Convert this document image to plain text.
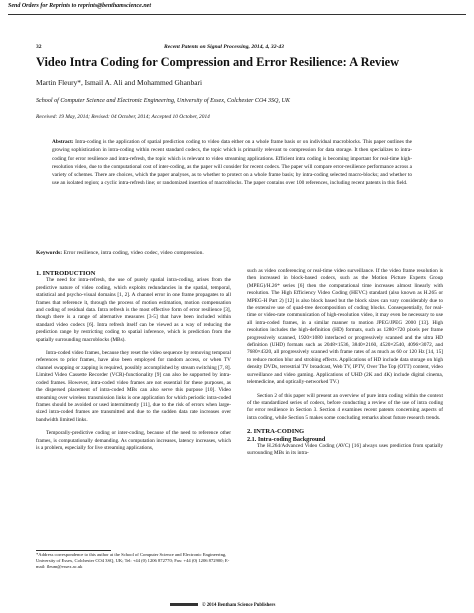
Send Orders for Reprints to reprints@benthamscience.net
32	Recent Patents on Signal Processing, 2014, 4, 32-43
Video Intra Coding for Compression and Error Resilience: A Review
Martin Fleury*, Ismail A. Ali and Mohammed Ghanbari
School of Computer Science and Electronic Engineering, University of Essex, Colchester CO4 3SQ, UK
Received: 19 May, 2014; Revised: 04 October, 2014; Accepted 10 October, 2014
Abstract: Intra-coding is the application of spatial prediction coding to video data either on a whole frame basis or on individual macroblocks. This paper outlines the growing sophistication in intra-coding within recent standard codecs, the topic which is primarily relevant to compression for data storage. It then specializes to intra-coding for error resilience and intra-refresh, the topic which is relevant to video streaming applications. Efficient intra coding is becoming important for real-time high-resolution video, due to the computational cost of inter-coding, as the paper will consider for recent codecs. The paper will compare error-resilience performance across a variety of schemes. There are choices, which the paper analyses, as to whether to protect on a whole frame basis; by intra-coding selected macro-blocks; and whether to use an isolated region; a cyclic intra-refresh line; or randomized insertion of macroblocks. The paper contains over 100 references, including recent patents in this field.
Keywords: Error resilience, intra coding, video codec, video compression.

1. INTRODUCTION

The need for intra-refresh, the use of purely spatial intra-coding, arises from the predictive nature of video coding, which exploits redundancies in the spatial, temporal, statistical and psycho-visual domains [1, 2]. A channel error in one frame propagates to all frames that reference it, through the process of motion estimation, motion compensation and coding of residual data. Intra refresh is the most effective form of error resilience [3], though there is a range of alternative measures [3-5] that have been included within standard video codecs [6]. Intra refresh itself can be viewed as a way of reducing the prediction range by restricting coding to spatial inference, which is prediction from the spatially surrounding macroblocks (MBs).

Intra-coded video frames, because they reset the video sequence by removing temporal references to prior frames, have also been employed for random access, or when TV channel swapping or zapping is required, possibly accomplished by stream switching [7, 8]. Limited Video Cassette Recorder (VCR)-functionality [9] can also be supported by intra-coded frames. However, intra-coded video frames are not essential for these purposes, as the dispersed placement of intra-coded MBs can also serve this purpose [10]. Video streaming over wireless transmission links is one application for which periodic intra-coded frames should be avoided or used intermittently [11], due to the risk of errors when large-sized intra-coded frames are transmitted and due to the sudden data rate increases over bandwidth limited links.

Temporally-predictive coding or inter-coding, because of the need to reference other frames, is computationally demanding. As computation increases, latency increases, which is a problem, especially for live streaming applications,

*Address correspondence to this author at the School of Computer Science and Electronic Engineering, University of Essex, Colchester CO4 3SQ, UK; Tel: +44 (0) 1206 872770; Fax: +44 (0) 1206 872900; E-mail: fleum@essex.ac.uk

such as video conferencing or real-time video surveillance. If the video frame resolution is then increased in block-based codecs, such as the Motion Picture Experts Group (MPEG)/H.26* series [6] then the computational time increases almost linearly with resolution. The High Efficiency Video Coding (HEVC) standard (also known as H.265 or MPEG-H Part 2) [12] is also block based but the block sizes can vary considerably due to the extensive use of quad-tree decomposition of coding blocks. Consequentially, for real-time or video-rate communication of high-resolution video, it may even be necessary to use all intra-coded frames, in a similar manner to motion JPEG/JPEG 2000 [13]. High resolution includes the high-definition (HD) formats, such as 1280×720 pixels per frame progressively scanned, 1920×1080 interlaced or progressively scanned and the ultra HD definition (UHD) formats such as 2048×1536, 3840×2160, 4520×2540, 4096×3072, and 7680×4320, all progressively scanned with frame rates of as much as 60 or 120 Hz [14, 15] to reduce motion blur and strobing effects. Applications of HD include data storage on high density DVDs, terrestrial TV broadcast, Web TV, IPTV, Over The Top (OTT) content, video surveillance and video gaming. Applications of UHD (2K and 4K) include digital cinema, telemedicine, and optically-networked TV.)

Section 2 of this paper will present an overview of pure intra coding within the context of the standardized series of codecs, before conducting a review of the use of intra coding for error resilience in Section 3. Section 4 examines recent patents concerning aspects of intra coding, while Section 5 makes some concluding remarks about future research trends.

2. INTRA-CODING

2.1. Intra-coding Background

The H.264/Advanced Video Coding (AVC) [16] always uses prediction from spatially surrounding MBs in its intra-

© 2014 Bentham Science Publishers
